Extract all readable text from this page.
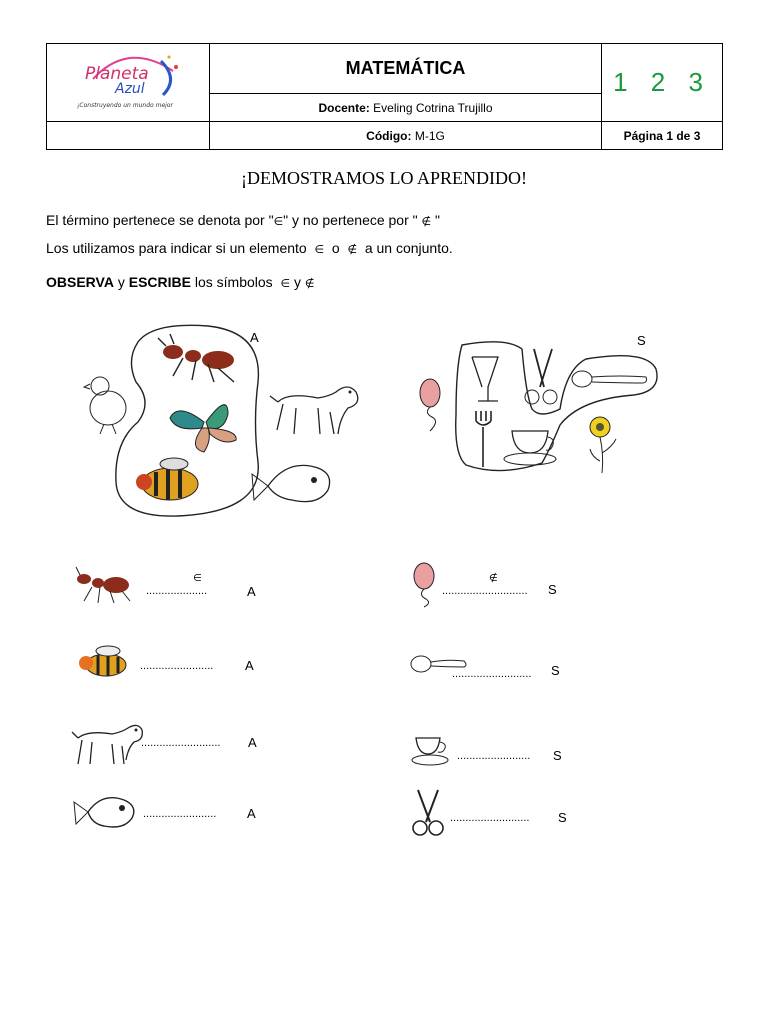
Planeta
Azul
¡Construyendo un mundo mejor	MATEMÁTICA	1 2 3
	Docente: Eveling Cotrina Trujillo	
	Código: M-1G	Página 1 de 3
¡DEMOSTRAMOS LO APRENDIDO!
El término pertenece se denota por "∈" y no pertenece por " ∉ "
Los utilizamos para indicar si un elemento ∈ o ∉ a un conjunto.
OBSERVA y ESCRIBE los símbolos ∈ y ∉
A	S
∈
....................	A
........................ A
.......................... A
........................ A
∉
............................ S
.......................... S
........................ S
.......................... S
